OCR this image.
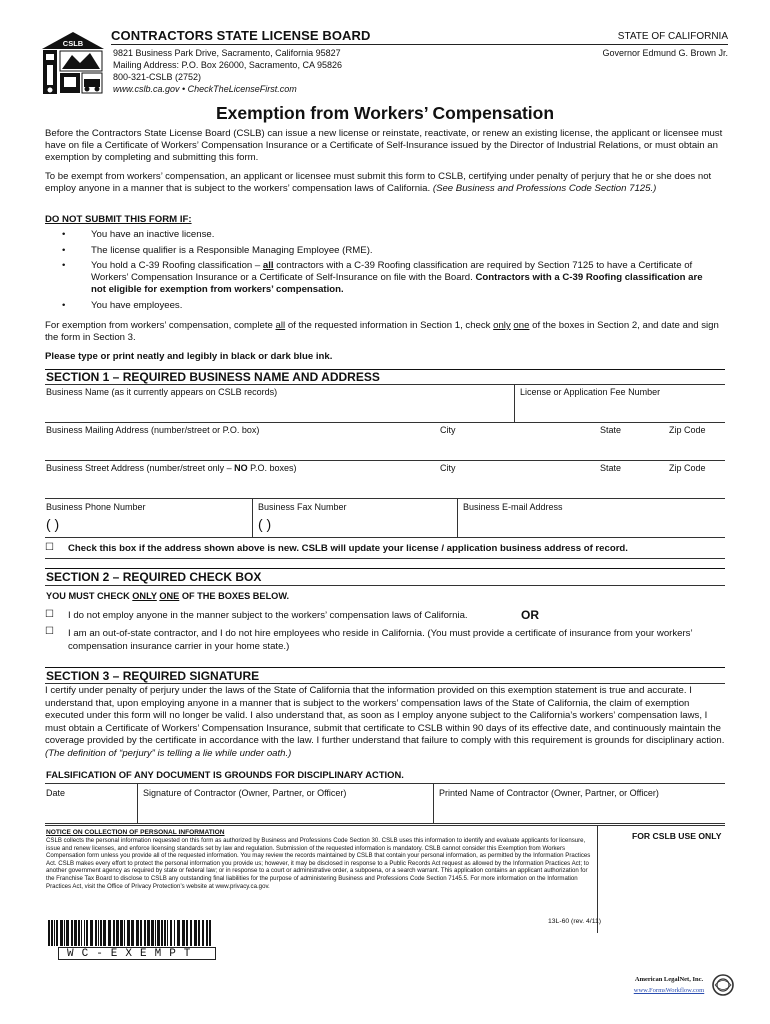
CSLB
CONTRACTORS STATE LICENSE BOARD	STATE OF CALIFORNIA
Governor Edmund G. Brown Jr.
9821 Business Park Drive, Sacramento, California 95827
Mailing Address: P.O. Box 26000, Sacramento, CA 95826
800-321-CSLB (2752)
www.cslb.ca.gov • CheckTheLicenseFirst.com
Exemption from Workers’ Compensation
Before the Contractors State License Board (CSLB) can issue a new license or reinstate, reactivate, or renew an existing license, the applicant or licensee must have on file a Certificate of Workers’ Compensation Insurance or a Certificate of Self-Insurance issued by the Director of Industrial Relations, or must obtain an exemption by completing and submitting this form.
To be exempt from workers’ compensation, an applicant or licensee must submit this form to CSLB, certifying under penalty of perjury that he or she does not employ anyone in a manner that is subject to the workers’ compensation laws of California. (See Business and Professions Code Section 7125.)
DO NOT SUBMIT THIS FORM IF:
•	You have an inactive license.
•	The license qualifier is a Responsible Managing Employee (RME).
•	You hold a C-39 Roofing classification – all contractors with a C-39 Roofing classification are required by Section 7125 to have a Certificate of Workers’ Compensation Insurance or a Certificate of Self-Insurance on file with the Board. Contractors with a C-39 Roofing classification are not eligible for exemption from workers’ compensation.
•	You have employees.
For exemption from workers’ compensation, complete all of the requested information in Section 1, check only one of the boxes in Section 2, and date and sign the form in Section 3.
Please type or print neatly and legibly in black or dark blue ink.
SECTION 1 – REQUIRED BUSINESS NAME AND ADDRESS
Business Name (as it currently appears on CSLB records)	License or Application Fee Number
Business Mailing Address (number/street or P.O. box)	City	State	Zip Code
Business Street Address (number/street only – NO P.O. boxes)	City	State	Zip Code
Business Phone Number	Business Fax Number	Business E-mail Address
( )	( )
☐ Check this box if the address shown above is new. CSLB will update your license / application business address of record.
SECTION 2 – REQUIRED CHECK BOX
YOU MUST CHECK ONLY ONE OF THE BOXES BELOW.
☐ I do not employ anyone in the manner subject to the workers’ compensation laws of California.	OR
☐ I am an out-of-state contractor, and I do not hire employees who reside in California. (You must provide a certificate of insurance from your workers’ compensation insurance carrier in your home state.)
SECTION 3 – REQUIRED SIGNATURE
I certify under penalty of perjury under the laws of the State of California that the information provided on this exemption statement is true and accurate. I understand that, upon employing anyone in a manner that is subject to the workers’ compensation laws of the State of California, the claim of exemption executed under this form will no longer be valid. I also understand that, as soon as I employ anyone subject to the California’s workers’ compensation laws, I must obtain a Certificate of Workers’ Compensation Insurance, submit that certificate to CSLB within 90 days of its effective date, and continuously maintain the coverage provided by the certificate in accordance with the law. I further understand that failure to comply with this requirement is grounds for disciplinary action. (The definition of “perjury” is telling a lie while under oath.)
FALSIFICATION OF ANY DOCUMENT IS GROUNDS FOR DISCIPLINARY ACTION.
Date	Signature of Contractor (Owner, Partner, or Officer)	Printed Name of Contractor (Owner, Partner, or Officer)
NOTICE ON COLLECTION OF PERSONAL INFORMATION
CSLB collects the personal information requested on this form as authorized by Business and Professions Code Section 30. CSLB uses this information to identify and evaluate applicants for licensure, issue and renew licenses, and enforce licensing standards set by law and regulation. Submission of the requested information is mandatory. CSLB cannot consider this Exemption from Workers Compensation form unless you provide all of the requested information. You may review the records maintained by CSLB that contain your personal information, as permitted by the Information Practices Act. CSLB makes every effort to protect the personal information you provide us; however, it may be disclosed in response to a Public Records Act request as allowed by the Information Practices Act; to another government agency as required by state or federal law; or in response to a court or administrative order, a subpoena, or a search warrant. This application contains an applicant authorization for the Franchise Tax Board to disclose to CSLB any outstanding final liabilities for the purpose of administering Business and Professions Code Section 7145.5. For more information on the Information Practices Act, visit the Office of Privacy Protection’s website at www.privacy.ca.gov.
13L-60 (rev. 4/11)
FOR CSLB USE ONLY
WC-EXEMPT
American LegalNet, Inc.
www.FormsWorkflow.com
